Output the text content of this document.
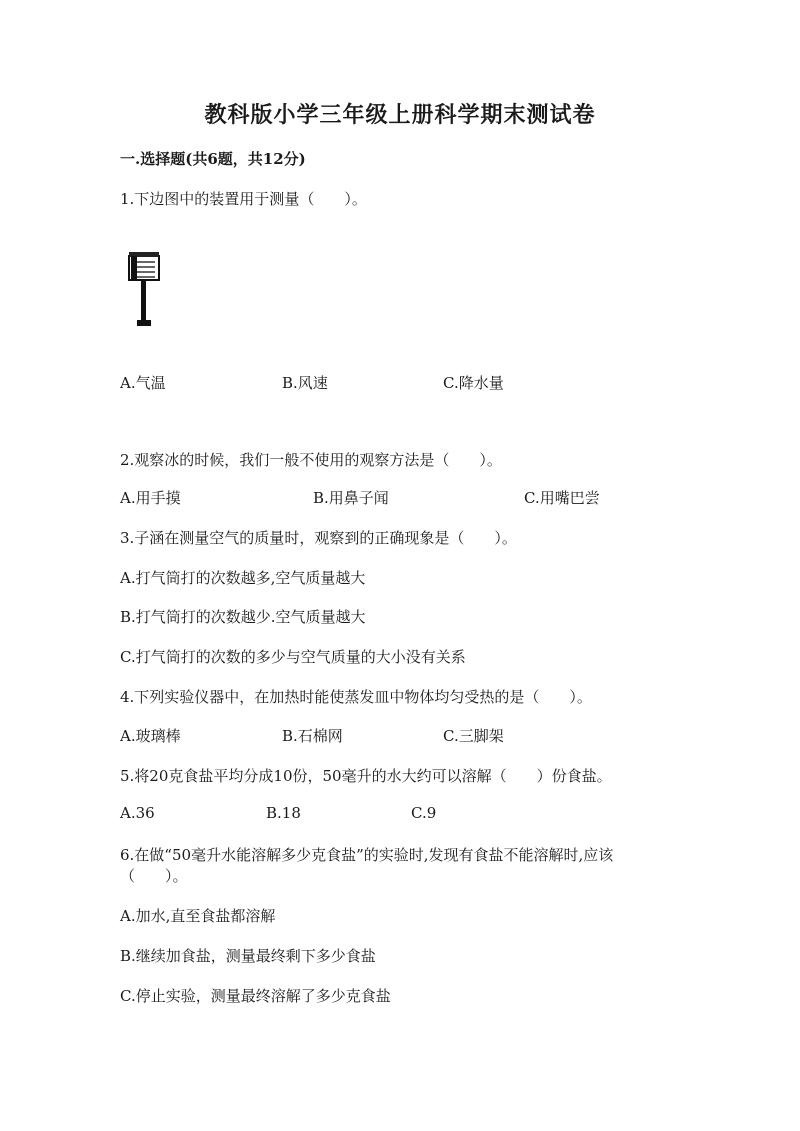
教科版小学三年级上册科学期末测试卷
一.选择题(共6题，共12分)
1.下边图中的装置用于测量（　　）。
A.气温	B.风速	C.降水量
2.观察冰的时候，我们一般不使用的观察方法是（　　）。
A.用手摸	B.用鼻子闻	C.用嘴巴尝
3.子涵在测量空气的质量时，观察到的正确现象是（　　）。
A.打气筒打的次数越多,空气质量越大
B.打气筒打的次数越少.空气质量越大
C.打气筒打的次数的多少与空气质量的大小没有关系
4.下列实验仪器中，在加热时能使蒸发皿中物体均匀受热的是（　　）。
A.玻璃棒	B.石棉网	C.三脚架
5.将20克食盐平均分成10份，50毫升的水大约可以溶解（　　）份食盐。
A.36	B.18	C.9
6.在做“50毫升水能溶解多少克食盐”的实验时,发现有食盐不能溶解时,应该
（　　）。
A.加水,直至食盐都溶解
B.继续加食盐，测量最终剩下多少食盐
C.停止实验，测量最终溶解了多少克食盐
